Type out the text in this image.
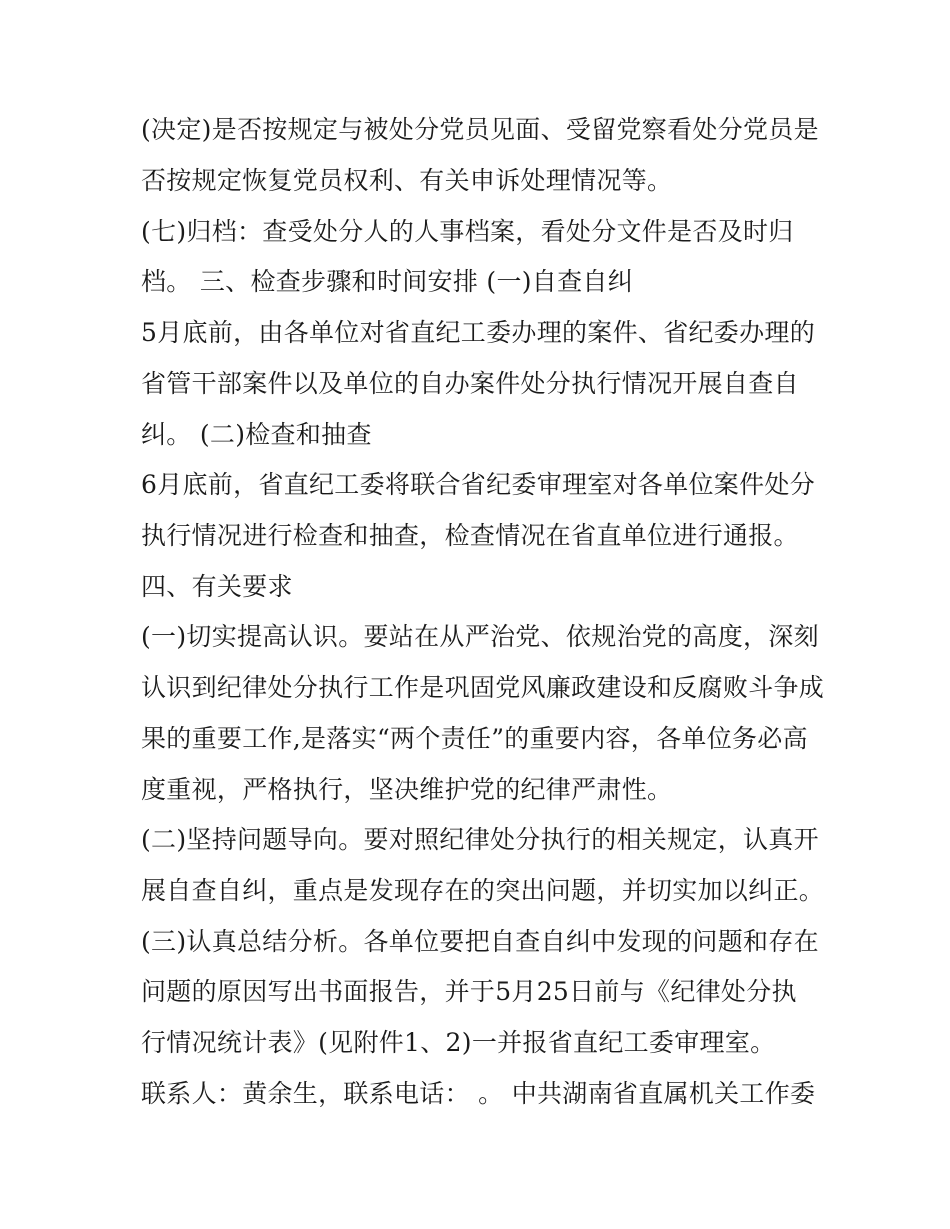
(决定)是否按规定与被处分党员见面、受留党察看处分党员是
否按规定恢复党员权利、有关申诉处理情况等。
(七)归档：查受处分人的人事档案，看处分文件是否及时归
档。 三、检查步骤和时间安排 (一)自查自纠
5月底前，由各单位对省直纪工委办理的案件、省纪委办理的
省管干部案件以及单位的自办案件处分执行情况开展自查自
纠。 (二)检查和抽查
6月底前，省直纪工委将联合省纪委审理室对各单位案件处分
执行情况进行检查和抽查，检查情况在省直单位进行通报。
四、有关要求
(一)切实提高认识。要站在从严治党、依规治党的高度，深刻
认识到纪律处分执行工作是巩固党风廉政建设和反腐败斗争成
果的重要工作,是落实“两个责任”的重要内容，各单位务必高
度重视，严格执行，坚决维护党的纪律严肃性。
(二)坚持问题导向。要对照纪律处分执行的相关规定，认真开
展自查自纠，重点是发现存在的突出问题，并切实加以纠正。
(三)认真总结分析。各单位要把自查自纠中发现的问题和存在
问题的原因写出书面报告，并于5月25日前与《纪律处分执
行情况统计表》(见附件1、2)一并报省直纪工委审理室。
联系人：黄余生，联系电话： 。 中共湖南省直属机关工作委
